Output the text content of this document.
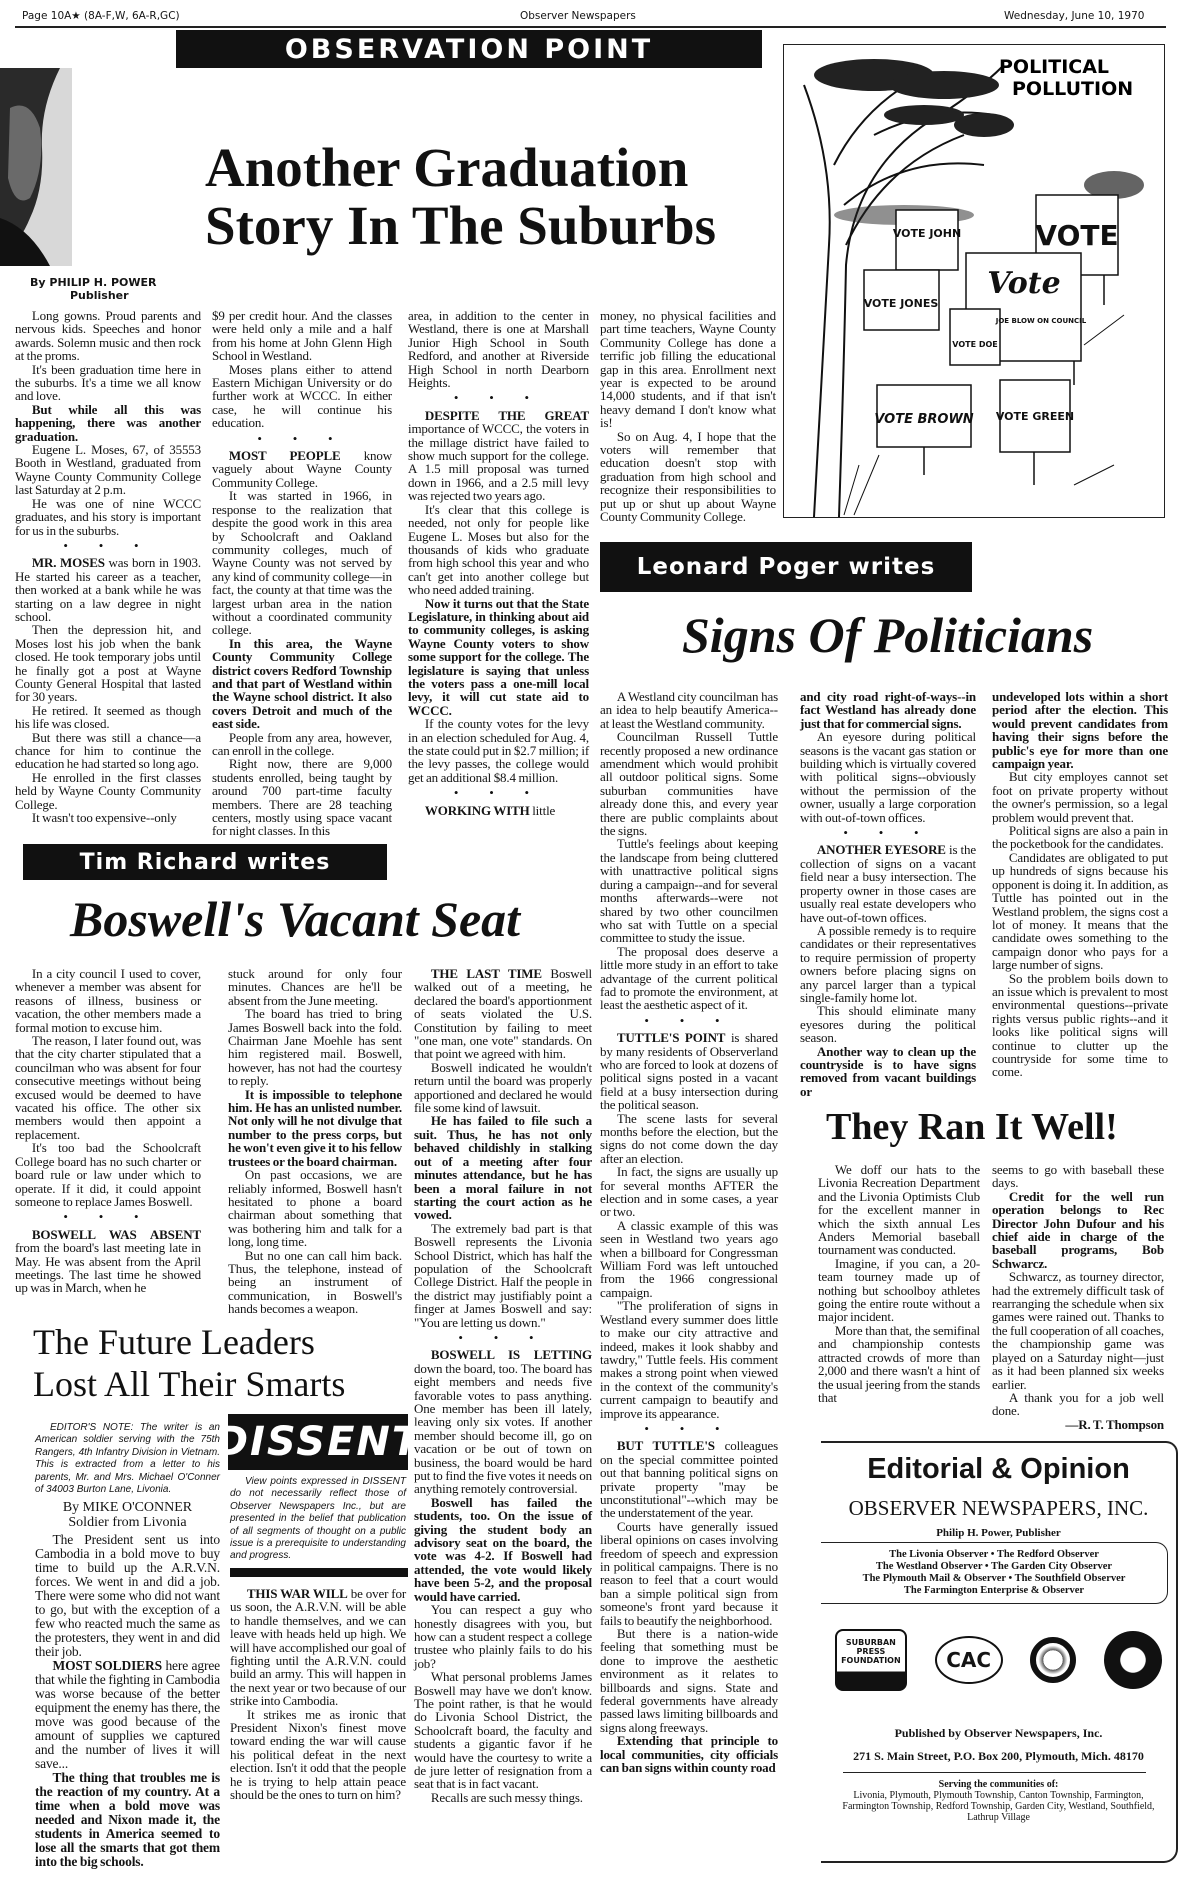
Page 10A★ (8A-F,W, 6A-R,GC)	Observer Newspapers	Wednesday, June 10, 1970
OBSERVATION POINT
Another Graduation
Story In The Suburbs
By PHILIP H. POWER
Publisher

Long gowns. Proud parents and nervous kids. Speeches and honor awards. Solemn music and then rock at the proms.

It's been graduation time here in the suburbs. It's a time we all know and love.

But while all this was happening, there was another graduation.

Eugene L. Moses, 67, of 35553 Booth in Westland, graduated from Wayne County Community College last Saturday at 2 p.m.

He was one of nine WCCC graduates, and his story is important for us in the suburbs.

• • •

MR. MOSES was born in 1903. He started his career as a teacher, then worked at a bank while he was starting on a law degree in night school.

Then the depression hit, and Moses lost his job when the bank closed. He took temporary jobs until he finally got a post at Wayne County General Hospital that lasted for 30 years.

He retired. It seemed as though his life was closed.

But there was still a chance—a chance for him to continue the education he had started so long ago.

He enrolled in the first classes held by Wayne County Community College.

It wasn't too expensive--only

$9 per credit hour. And the classes were held only a mile and a half from his home at John Glenn High School in Westland.

Moses plans either to attend Eastern Michigan University or do further work at WCCC. In either case, he will continue his education.

• • •

MOST PEOPLE know vaguely about Wayne County Community College.

It was started in 1966, in response to the realization that despite the good work in this area by Schoolcraft and Oakland community colleges, much of Wayne County was not served by any kind of community college—in fact, the county at that time was the largest urban area in the nation without a coordinated community college.

In this area, the Wayne County Community College district covers Redford Township and that part of Westland within the Wayne school district. It also covers Detroit and much of the east side.

People from any area, however, can enroll in the college.

Right now, there are 9,000 students enrolled, being taught by around 700 part-time faculty members. There are 28 teaching centers, mostly using space vacant for night classes. In this

area, in addition to the center in Westland, there is one at Marshall Junior High School in South Redford, and another at Riverside High School in north Dearborn Heights.

• • •

DESPITE THE GREAT importance of WCCC, the voters in the millage district have failed to show much support for the college. A 1.5 mill proposal was turned down in 1966, and a 2.5 mill levy was rejected two years ago.

It's clear that this college is needed, not only for people like Eugene L. Moses but also for the thousands of kids who graduate from high school this year and who can't get into another college but who need added training.

Now it turns out that the State Legislature, in thinking about aid to community colleges, is asking Wayne County voters to show some support for the college. The legislature is saying that unless the voters pass a one-mill local levy, it will cut state aid to WCCC.

If the county votes for the levy in an election scheduled for Aug. 4, the state could put in $2.7 million; if the levy passes, the college would get an additional $8.4 million.

• • •

WORKING WITH little

money, no physical facilities and part time teachers, Wayne County Community College has done a terrific job filling the educational gap in this area. Enrollment next year is expected to be around 14,000 students, and if that isn't heavy demand I don't know what is!

So on Aug. 4, I hope that the voters will remember that education doesn't stop with graduation from high school and recognize their responsibilities to put up or shut up about Wayne County Community College.

POLITICAL
POLLUTION
VOTE JOHN	VOTE
VOTE JONES
Vote
JOE BLOW ON COUNCIL
VOTE DOE
VOTE BROWN VOTE GREEN
Leonard Poger writes
Signs Of Politicians

A Westland city councilman has an idea to help beautify America--at least the Westland community.

Councilman Russell Tuttle recently proposed a new ordinance amendment which would prohibit all outdoor political signs. Some suburban communities have already done this, and every year there are public complaints about the signs.

Tuttle's feelings about keeping the landscape from being cluttered with unattractive political signs during a campaign--and for several months afterwards--were not shared by two other councilmen who sat with Tuttle on a special committee to study the issue.

The proposal does deserve a little more study in an effort to take advantage of the current political fad to promote the environment, at least the aesthetic aspect of it.

• • •

TUTTLE'S POINT is shared by many residents of Observerland who are forced to look at dozens of political signs posted in a vacant field at a busy intersection during the political season.

The scene lasts for several months before the election, but the signs do not come down the day after an election.

In fact, the signs are usually up for several months AFTER the election and in some cases, a year or two.

A classic example of this was seen in Westland two years ago when a billboard for Congressman William Ford was left untouched from the 1966 congressional campaign.

"The proliferation of signs in Westland every summer does little to make our city attractive and indeed, makes it look shabby and tawdry," Tuttle feels. His comment makes a strong point when viewed in the context of the community's current campaign to beautify and improve its appearance.

• • •

BUT TUTTLE'S colleagues on the special committee pointed out that banning political signs on private property "may be unconstitutional"--which may be the understatement of the year.

Courts have generally issued liberal opinions on cases involving freedom of speech and expression in political campaigns. There is no reason to feel that a court would ban a simple political sign from someone's front yard because it fails to beautify the neighborhood.

But there is a nation-wide feeling that something must be done to improve the aesthetic environment as it relates to billboards and signs. State and federal governments have already passed laws limiting billboards and signs along freeways.

Extending that principle to local communities, city officials can ban signs within county road

and city road right-of-ways--in fact Westland has already done just that for commercial signs.

An eyesore during political seasons is the vacant gas station or building which is virtually covered with political signs--obviously without the permission of the owner, usually a large corporation with out-of-town offices.

• • •

ANOTHER EYESORE is the collection of signs on a vacant field near a busy intersection. The property owner in those cases are usually real estate developers who have out-of-town offices.

A possible remedy is to require candidates or their representatives to require permission of property owners before placing signs on any parcel larger than a typical single-family home lot.

This should eliminate many eyesores during the political season.

Another way to clean up the countryside is to have signs removed from vacant buildings or

undeveloped lots within a short period after the election. This would prevent candidates from having their signs before the public's eye for more than one campaign year.

But city employes cannot set foot on private property without the owner's permission, so a legal problem would prevent that.

Political signs are also a pain in the pocketbook for the candidates.

Candidates are obligated to put up hundreds of signs because his opponent is doing it. In addition, as Tuttle has pointed out in the Westland problem, the signs cost a lot of money. It means that the candidate owes something to the campaign donor who pays for a large number of signs.

So the problem boils down to an issue which is prevalent to most environmental questions--private rights versus public rights--and it looks like political signs will continue to clutter up the countryside for some time to come.

They Ran It Well!

We doff our hats to the Livonia Recreation Department and the Livonia Optimists Club for the excellent manner in which the sixth annual Les Anders Memorial baseball tournament was conducted.

Imagine, if you can, a 20-team tourney made up of nothing but schoolboy athletes going the entire route without a major incident.

More than that, the semifinal and championship contests attracted crowds of more than 2,000 and there wasn't a hint of the usual jeering from the stands that

seems to go with baseball these days.

Credit for the well run operation belongs to Rec Director John Dufour and his chief aide in charge of the baseball programs, Bob Schwarcz.

Schwarcz, as tourney director, had the extremely difficult task of rearranging the schedule when six games were rained out. Thanks to the full cooperation of all coaches, the championship game was played on a Saturday night—just as it had been planned six weeks earlier.

A thank you for a job well done.

—R. T. Thompson

Editorial & Opinion
OBSERVER NEWSPAPERS, INC.
Philip H. Power, Publisher
The Livonia Observer • The Redford Observer
The Westland Observer • The Garden City Observer
The Plymouth Mail & Observer • The Southfield Observer
The Farmington Enterprise & Observer
SUBURBAN PRESS FOUNDATION	CAC
Published by Observer Newspapers, Inc.
271 S. Main Street, P.O. Box 200, Plymouth, Mich. 48170
Serving the communities of:
Livonia, Plymouth, Plymouth Township, Canton Township, Farmington, Farmington Township, Redford Township, Garden City, Westland, Southfield, Lathrup Village
Tim Richard writes
Boswell's Vacant Seat

In a city council I used to cover, whenever a member was absent for reasons of illness, business or vacation, the other members made a formal motion to excuse him.

The reason, I later found out, was that the city charter stipulated that a councilman who was absent for four consecutive meetings without being excused would be deemed to have vacated his office. The other six members would then appoint a replacement.

It's too bad the Schoolcraft College board has no such charter or board rule or law under which to operate. If it did, it could appoint someone to replace James Boswell.

• • •

BOSWELL WAS ABSENT from the board's last meeting late in May. He was absent from the April meetings. The last time he showed up was in March, when he

stuck around for only four minutes. Chances are he'll be absent from the June meeting.

The board has tried to bring James Boswell back into the fold. Chairman Jane Moehle has sent him registered mail. Boswell, however, has not had the courtesy to reply.

It is impossible to telephone him. He has an unlisted number. Not only will he not divulge that number to the press corps, but he won't even give it to his fellow trustees or the board chairman.

On past occasions, we are reliably informed, Boswell hasn't hesitated to phone a board chairman about something that was bothering him and talk for a long, long time.

But no one can call him back. Thus, the telephone, instead of being an instrument of communication, in Boswell's hands becomes a weapon.

THE LAST TIME Boswell walked out of a meeting, he declared the board's apportionment of seats violated the U.S. Constitution by failing to meet "one man, one vote" standards. On that point we agreed with him.

Boswell indicated he wouldn't return until the board was properly apportioned and declared he would file some kind of lawsuit.

He has failed to file such a suit. Thus, he has not only behaved childishly in stalking out of a meeting after four minutes attendance, but he has been a moral failure in not starting the court action as he vowed.

The extremely bad part is that Boswell represents the Livonia School District, which has half the population of the Schoolcraft College District. Half the people in the district may justifiably point a finger at James Boswell and say: "You are letting us down."

• • •

BOSWELL IS LETTING down the board, too. The board has eight members and needs five favorable votes to pass anything. One member has been ill lately, leaving only six votes. If another member should become ill, go on vacation or be out of town on business, the board would be hard put to find the five votes it needs on anything remotely controversial.

Boswell has failed the students, too. On the issue of giving the student body an advisory seat on the board, the vote was 4-2. If Boswell had attended, the vote would likely have been 5-2, and the proposal would have carried.

You can respect a guy who honestly disagrees with you, but how can a student respect a college trustee who plainly fails to do his job?

What personal problems James Boswell may have we don't know. The point rather, is that he would do Livonia School District, the Schoolcraft board, the faculty and students a gigantic favor if he would have the courtesy to write a de jure letter of resignation from a seat that is in fact vacant.

Recalls are such messy things.

The Future Leaders
Lost All Their Smarts
DISSENT
EDITOR'S NOTE: The writer is an American soldier serving with the 75th Rangers, 4th Infantry Division in Vietnam. This is extracted from a letter to his parents, Mr. and Mrs. Michael O'Conner of 34003 Burton Lane, Livonia.
View points expressed in DISSENT do not necessarily reflect those of Observer Newspapers Inc., but are presented in the belief that publication of all segments of thought on a public issue is a prerequisite to understanding and progress.
By MIKE O'CONNER
Soldier from Livonia

The President sent us into Cambodia in a bold move to buy time to build up the A.R.V.N. forces. We went in and did a job. There were some who did not want to go, but with the exception of a few who reacted much the same as the protesters, they went in and did their job.

MOST SOLDIERS here agree that while the fighting in Cambodia was worse because of the better equipment the enemy has there, the move was good because of the amount of supplies we captured and the number of lives it will save...

The thing that troubles me is the reaction of my country. At a time when a bold move was needed and Nixon made it, the students in America seemed to lose all the smarts that got them into the big schools.

THIS WAR WILL be over for us soon, the A.R.V.N. will be able to handle themselves, and we can leave with heads held up high. We will have accomplished our goal of fighting until the A.R.V.N. could build an army. This will happen in the next year or two because of our strike into Cambodia.

It strikes me as ironic that President Nixon's finest move toward ending the war will cause his political defeat in the next election. Isn't it odd that the people he is trying to help attain peace should be the ones to turn on him?
